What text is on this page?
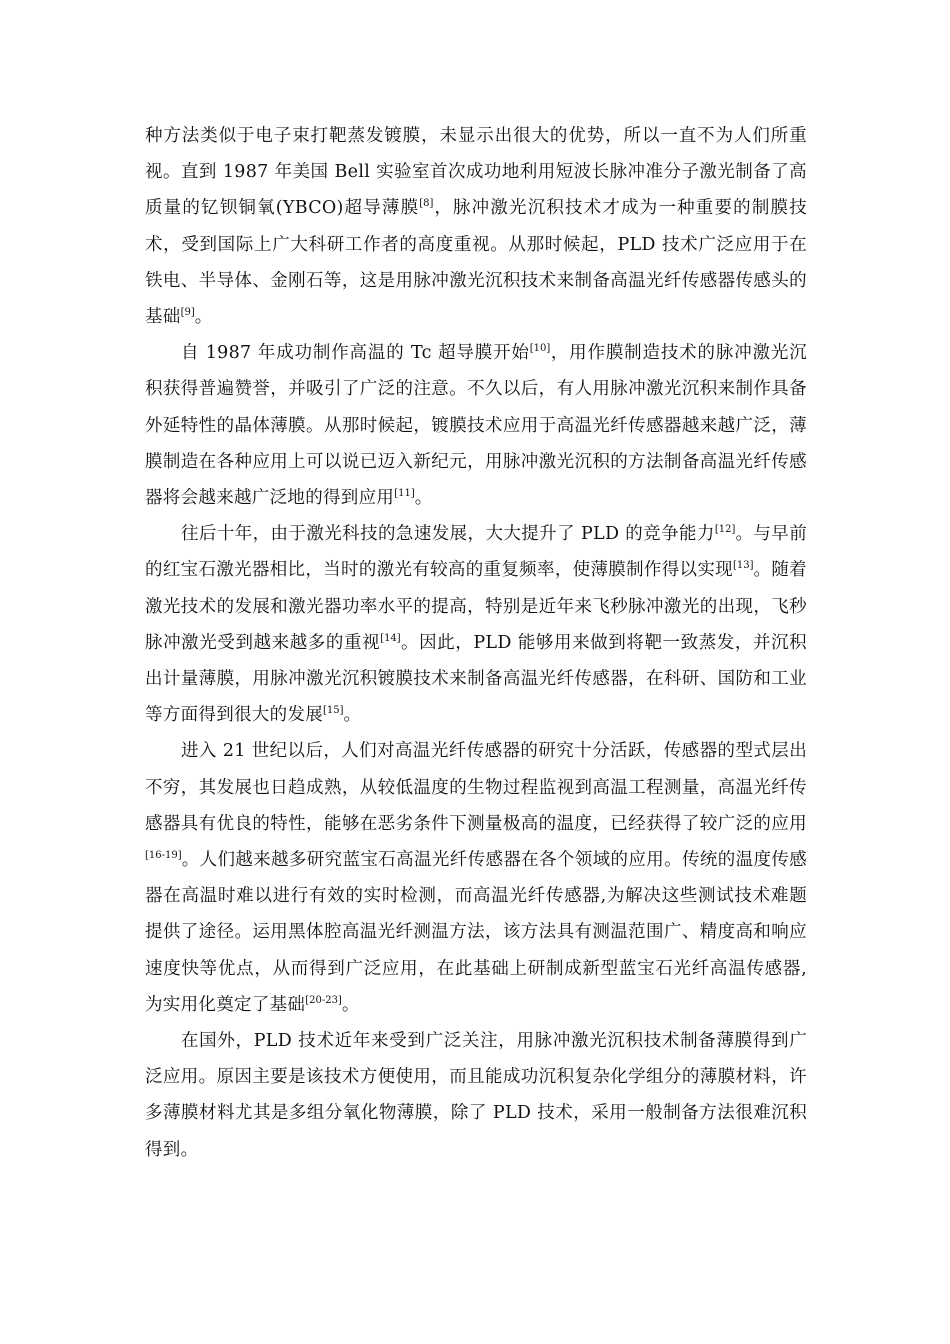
种方法类似于电子束打靶蒸发镀膜，未显示出很大的优势，所以一直不为人们所重视。直到 1987 年美国 Bell 实验室首次成功地利用短波长脉冲准分子激光制备了高质量的钇钡铜氧(YBCO)超导薄膜[8]，脉冲激光沉积技术才成为一种重要的制膜技术，受到国际上广大科研工作者的高度重视。从那时候起，PLD 技术广泛应用于在铁电、半导体、金刚石等，这是用脉冲激光沉积技术来制备高温光纤传感器传感头的基础[9]。

自 1987 年成功制作高温的 Tc 超导膜开始[10]，用作膜制造技术的脉冲激光沉积获得普遍赞誉，并吸引了广泛的注意。不久以后，有人用脉冲激光沉积来制作具备外延特性的晶体薄膜。从那时候起，镀膜技术应用于高温光纤传感器越来越广泛，薄膜制造在各种应用上可以说已迈入新纪元，用脉冲激光沉积的方法制备高温光纤传感器将会越来越广泛地的得到应用[11]。

往后十年，由于激光科技的急速发展，大大提升了 PLD 的竞争能力[12]。与早前的红宝石激光器相比，当时的激光有较高的重复频率，使薄膜制作得以实现[13]。随着激光技术的发展和激光器功率水平的提高，特别是近年来飞秒脉冲激光的出现，飞秒脉冲激光受到越来越多的重视[14]。因此，PLD 能够用来做到将靶一致蒸发，并沉积出计量薄膜，用脉冲激光沉积镀膜技术来制备高温光纤传感器，在科研、国防和工业等方面得到很大的发展[15]。

进入 21 世纪以后，人们对高温光纤传感器的研究十分活跃，传感器的型式层出不穷，其发展也日趋成熟，从较低温度的生物过程监视到高温工程测量，高温光纤传感器具有优良的特性，能够在恶劣条件下测量极高的温度，已经获得了较广泛的应用[16-19]。人们越来越多研究蓝宝石高温光纤传感器在各个领域的应用。传统的温度传感器在高温时难以进行有效的实时检测，而高温光纤传感器,为解决这些测试技术难题提供了途径。运用黑体腔高温光纤测温方法，该方法具有测温范围广、精度高和响应速度快等优点，从而得到广泛应用，在此基础上研制成新型蓝宝石光纤高温传感器,为实用化奠定了基础[20-23]。

在国外，PLD 技术近年来受到广泛关注，用脉冲激光沉积技术制备薄膜得到广泛应用。原因主要是该技术方便使用，而且能成功沉积复杂化学组分的薄膜材料，许多薄膜材料尤其是多组分氧化物薄膜，除了 PLD 技术，采用一般制备方法很难沉积得到。
